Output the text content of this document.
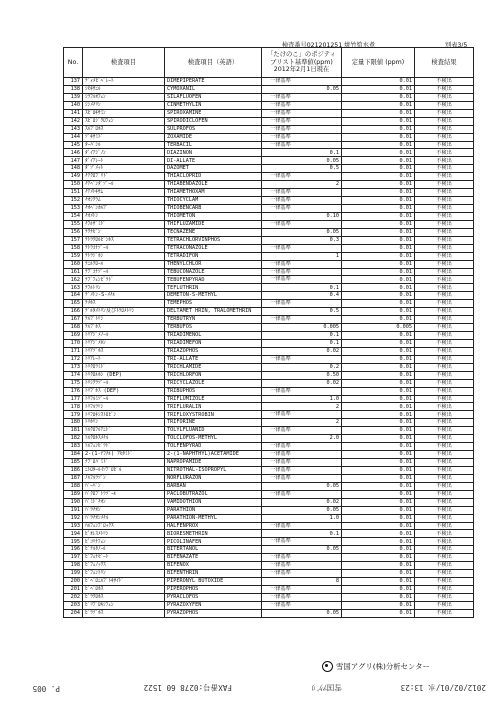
検査番号021201251 焼竹筍水煮	別表3/5
No.	検査項目	検査項目（英語）	「たけのこ」のポジティブリスト基準値(ppm) 2012年2月1日現在	定量下限値 (ppm)	検査結果
137	ﾃﾞｨﾒﾋﾟﾍﾟﾚｰﾄ	DIMEPIPERATE	一律基準	0.01	不検出
138	ｼﾓｷｻﾆﾙ	CYMOXANIL	0.05	0.01	不検出
139	ｼﾗﾌﾙｵﾌｪﾝ	SILAFLUOFEN	一律基準	0.01	不検出
140	ｼﾝﾒﾁﾘﾝ	CINMETHYLIN	一律基準	0.01	不検出
141	ｽﾋﾟﾛｷｻﾐﾝ	SPIROXAMINE	一律基準	0.01	不検出
142	ｽﾋﾟﾛｼﾞｸﾛﾌｪﾝ	SPIRODICLOFEN	一律基準	0.01	不検出
143	ｽﾙﾌﾟﾛﾎｽ	SULPROFOS	一律基準	0.01	不検出
144	ｿﾞｷｻﾐﾄﾞ	ZOXAMIDE	一律基準	0.01	不検出
145	ﾀｰﾊﾞｼﾙ	TERBACIL	一律基準	0.01	不検出
146	ﾀﾞｲｱｼﾞﾉﾝ	DIAZINON	0.1	0.01	不検出
147	ﾀﾞｲｱﾚｰﾄ	DI-ALLATE	0.05	0.01	不検出
148	ﾀﾞｿﾞﾒｯﾄ	DAZOMET	0.5	0.01	不検出
149	ﾁｱｸﾛﾌﾟﾘﾄﾞ	THIACLOPRID	一律基準	0.01	不検出
150	ﾁｱﾍﾞﾝﾀﾞｿﾞｰﾙ	THIABENDAZOLE	2	0.01	不検出
151	ﾁｱﾒﾄｷｻﾑ	THIAMETHOXAM	一律基準	0.01	不検出
152	ﾁｵｼｸﾗﾑ	THIOCYCLAM	一律基準	0.01	不検出
153	ﾁｵﾍﾞﾝｶﾙﾌﾞ	THIOBENCARB	一律基準	0.01	不検出
154	ﾁｵﾒﾄﾝ	THIOMETON	0.10	0.01	不検出
155	ﾁﾌﾙｻﾞﾐﾄﾞ	THIFLUZAMIDE	一律基準	0.01	不検出
156	ﾃｸﾅｾﾞﾝ	TECNAZENE	0.05	0.01	不検出
157	ﾃﾄﾗｸﾛﾙﾋﾞﾝﾎｽ	TETRACHLORVINPHOS	0.3	0.01	不検出
158	ﾃﾄﾗｺﾅｿﾞｰﾙ	TETRACONAZOLE	一律基準	0.01	不検出
159	ﾃﾄﾗｼﾞﾎﾝ	TETRADIFON	1	0.01	不検出
160	ﾃﾆﾙｸﾛｰﾙ	THENYLCHLOR	一律基準	0.01	不検出
161	ﾃﾌﾞｺﾅｿﾞｰﾙ	TEBUCONAZOLE	一律基準	0.01	不検出
162	ﾃﾌﾞﾌｪﾝﾋﾟﾗﾄﾞ	TEBUFENPYRAD	一律基準	0.01	不検出
163	ﾃﾌﾙﾄﾘﾝ	TEFLUTHRIN	0.1	0.01	不検出
164	ﾃﾞﾒﾄﾝ-S-ﾒﾁﾙ	DEMETON-S-METHYL	0.4	0.01	不検出
165	ﾃﾒﾎｽ	TEMEPHOS	一律基準	0.01	不検出
166	ﾃﾞﾙﾀﾒﾄﾘﾝ及びﾄﾗﾛﾒﾄﾘﾝ	DELTAMET HRIN, TRALOMETHRIN	0.5	0.01	不検出
167	ﾃﾙﾌﾞﾄﾘﾝ	TERBUTRYN	一律基準	0.01	不検出
168	ﾃﾙﾌﾞﾎｽ	TERBUFOS	0.005	0.005	不検出
169	ﾄﾘｱｼﾞﾒﾉｰﾙ	TRIADIMENOL	0.1	0.01	不検出
170	ﾄﾘｱｼﾞﾒﾎﾝ	TRIADIMEFON	0.1	0.01	不検出
171	ﾄﾘｱｿﾞﾎｽ	TRIAZOPHOS	0.02	0.01	不検出
172	ﾄﾘｱﾚｰﾄ	TRI-ALLATE	一律基準	0.01	不検出
173	ﾄﾘｸﾛﾗﾐﾄﾞ	TRICHLAMIDE	0.2	0.01	不検出
174	ﾄﾘｸﾛﾙﾎﾝ (DEP)	TRICHLORFON	0.50	0.01	不検出
175	ﾄﾘｼｸﾗｿﾞｰﾙ	TRICYCLAZOLE	0.02	0.01	不検出
176	ﾄﾘﾌﾞﾎｽ (DEF)	TRIBUPHOS	一律基準	0.01	不検出
177	ﾄﾘﾌﾙﾐｿﾞｰﾙ	TRIFLUMIZOLE	1.0	0.01	不検出
178	ﾄﾘﾌﾙﾗﾘﾝ	TRIFLURALIN	2	0.01	不検出
179	ﾄﾘﾌﾛｷｼｽﾄﾛﾋﾞﾝ	TRIFLOXYSTROBIN	一律基準	0.01	不検出
180	ﾄﾘﾎﾘﾝ	TRIFORINE	2	0.01	不検出
181	ﾄﾙｸﾛﾌﾙｱﾆﾄﾞ	TOLYLFLUANID	一律基準	0.01	不検出
182	ﾄﾙｸﾛﾎｽﾒﾁﾙ	TOLCLOFOS-METHYL	2.0	0.01	不検出
183	ﾄﾙﾌｪﾝﾋﾟﾗﾄﾞ	TOLFENPYRAD	一律基準	0.01	不検出
184	2-(1-ﾅﾌﾁﾙ) ｱｾﾀﾐﾄﾞ	2-(1-NAPHTHYL)ACETAMIDE	一律基準	0.01	不検出
185	ﾅﾌﾟﾛﾊﾟﾐﾄﾞ	NAPROPAMIDE	一律基準	0.01	不検出
186	ﾆﾄﾛﾀｰﾙｲｿﾌﾟﾛﾋﾟﾙ	NITROTHAL-ISOPROPYL	一律基準	0.01	不検出
187	ﾉﾙﾌﾙﾗｿﾞﾝ	NORFLURAZON	一律基準	0.01	不検出
188	ﾊﾞｰﾊﾞﾝ	BARBAN	0.05	0.01	不検出
189	ﾊﾟｸﾛﾌﾞﾄﾗｿﾞｰﾙ	PACLOBUTRAZOL	一律基準	0.01	不検出
190	ﾊﾞﾐﾄﾞﾁｵﾝ	VAMIDOTHION	0.02	0.01	不検出
191	ﾊﾟﾗﾁｵﾝ	PARATHION	0.05	0.01	不検出
192	ﾊﾟﾗﾁｵﾝﾒﾁﾙ	PARATHION-METHYL	1.0	0.01	不検出
193	ﾊﾙﾌｪﾝﾌﾟﾛｯｸｽ	HALFENPROX	一律基準	0.01	不検出
194	ﾋﾞｵﾚｽﾒﾄﾘﾝ	BIORESMETHRIN	0.1	0.01	不検出
195	ﾋﾟｺﾘﾅﾌｪﾝ	PICOLINAFEN	一律基準	0.01	不検出
196	ﾋﾞﾃﾙﾀﾉｰﾙ	BITERTANOL	0.05	0.01	不検出
197	ﾋﾞﾌｪﾅｾﾞｰﾄ	BIFENAZATE	一律基準	0.01	不検出
198	ﾋﾞﾌｪﾉｯｸｽ	BIFENOX	一律基準	0.01	不検出
199	ﾋﾞﾌｪﾝﾄﾘﾝ	BIFENTHRIN	一律基準	0.01	不検出
200	ﾋﾟﾍﾟﾛﾆﾙﾌﾞﾄｷｻｲﾄﾞ	PIPERONYL BUTOXIDE	8	0.01	不検出
201	ﾋﾟﾍﾟﾛﾎｽ	PIPEROPHOS	一律基準	0.01	不検出
202	ﾋﾟﾗｸﾛﾎｽ	PYRACLOFOS	一律基準	0.01	不検出
203	ﾋﾟﾘﾌﾟﾛｷｼﾌｪﾝ	PYRAZOXYFEN	一律基準	0.01	不検出
204	ﾋﾟﾗｿﾞﾎｽ	PYRAZOPHOS	0.05	0.01	不検出
雪国アグリ(株)分析センター
2012/02/01/水 13:23
雪国ｱｸﾞﾘ
FAX番号:0278 60 1522
P. 005
